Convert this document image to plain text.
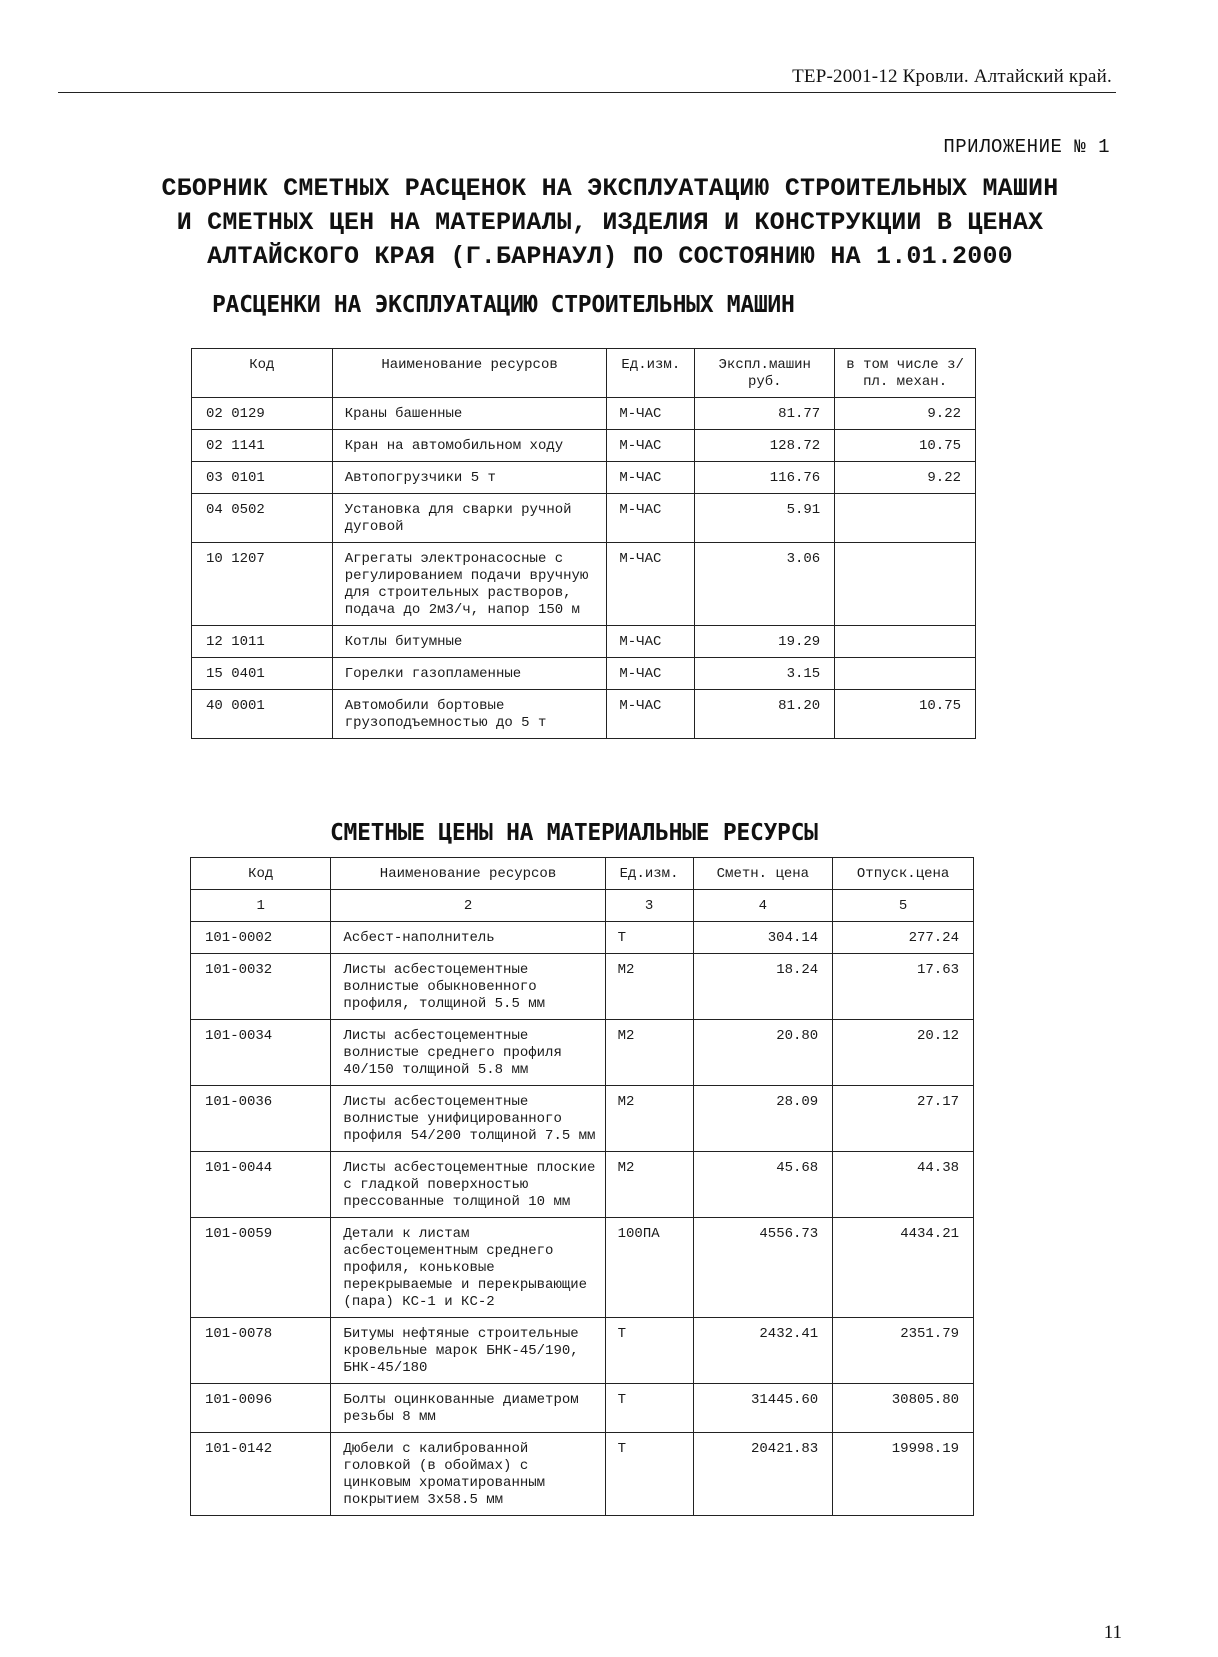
ТЕР-2001-12 Кровли. Алтайский край.
ПРИЛОЖЕНИЕ № 1
СБОРНИК СМЕТНЫХ РАСЦЕНОК НА ЭКСПЛУАТАЦИЮ СТРОИТЕЛЬНЫХ МАШИН
И СМЕТНЫХ ЦЕН НА МАТЕРИАЛЫ, ИЗДЕЛИЯ И КОНСТРУКЦИИ В ЦЕНАХ
АЛТАЙСКОГО КРАЯ (Г.БАРНАУЛ) ПО СОСТОЯНИЮ НА 1.01.2000
РАСЦЕНКИ НА ЭКСПЛУАТАЦИЮ СТРОИТЕЛЬНЫХ МАШИН
Код	Наименование ресурсов	Ед.изм.	Экспл.машин руб.	в том числе з/пл. механ.
02 0129	Краны башенные	М-ЧАС	81.77	9.22
02 1141	Кран на автомобильном ходу	М-ЧАС	128.72	10.75
03 0101	Автопогрузчики 5 т	М-ЧАС	116.76	9.22
04 0502	Установка для сварки ручной дуговой	М-ЧАС	5.91	
10 1207	Агрегаты электронасосные с регулированием подачи вручную для строительных растворов, подача до 2м3/ч, напор 150 м	М-ЧАС	3.06	
12 1011	Котлы битумные	М-ЧАС	19.29	
15 0401	Горелки газопламенные	М-ЧАС	3.15	
40 0001	Автомобили бортовые грузоподъемностью до 5 т	М-ЧАС	81.20	10.75
СМЕТНЫЕ ЦЕНЫ НА МАТЕРИАЛЬНЫЕ РЕСУРСЫ
Код	Наименование ресурсов	Ед.изм.	Сметн. цена	Отпуск.цена
1	2	3	4	5
101-0002	Асбест-наполнитель	Т	304.14	277.24
101-0032	Листы асбестоцементные волнистые обыкновенного профиля, толщиной 5.5 мм	М2	18.24	17.63
101-0034	Листы асбестоцементные волнистые среднего профиля 40/150 толщиной 5.8 мм	М2	20.80	20.12
101-0036	Листы асбестоцементные волнистые унифицированного профиля 54/200 толщиной 7.5 мм	М2	28.09	27.17
101-0044	Листы асбестоцементные плоские с гладкой поверхностью прессованные толщиной 10 мм	М2	45.68	44.38
101-0059	Детали к листам асбестоцементным среднего профиля, коньковые перекрываемые и перекрывающие (пара) КС-1 и КС-2	100ПА	4556.73	4434.21
101-0078	Битумы нефтяные строительные кровельные марок БНК-45/190, БНК-45/180	Т	2432.41	2351.79
101-0096	Болты оцинкованные диаметром резьбы 8 мм	Т	31445.60	30805.80
101-0142	Дюбели с калиброванной головкой (в обоймах) с цинковым хроматированным покрытием 3х58.5 мм	Т	20421.83	19998.19
11
